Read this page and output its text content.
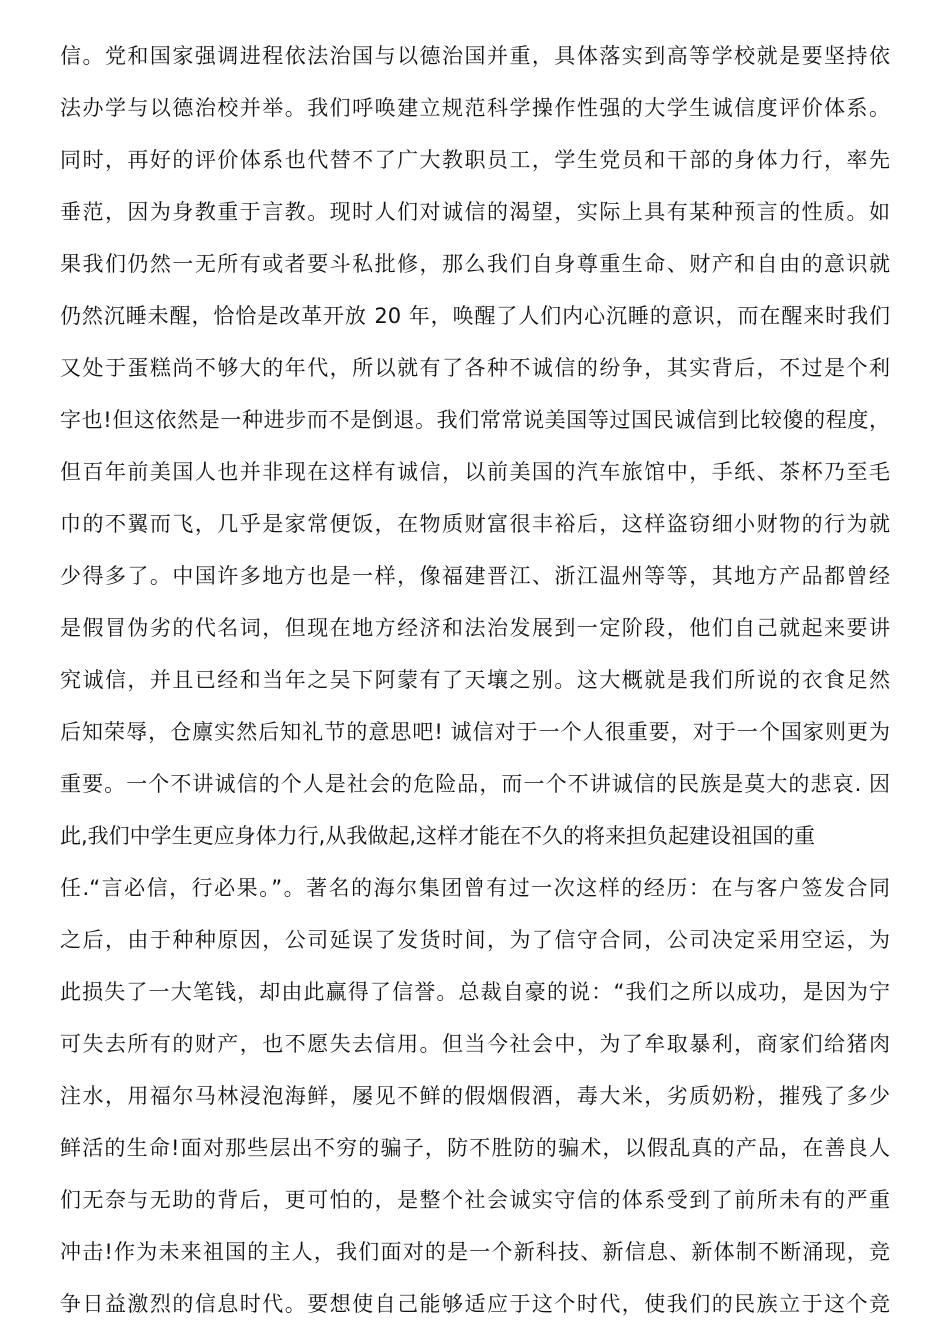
信。党和国家强调进程依法治国与以德治国并重，具体落实到高等学校就是要坚持依
法办学与以德治校并举。我们呼唤建立规范科学操作性强的大学生诚信度评价体系。
同时，再好的评价体系也代替不了广大教职员工，学生党员和干部的身体力行，率先
垂范，因为身教重于言教。现时人们对诚信的渴望，实际上具有某种预言的性质。如
果我们仍然一无所有或者要斗私批修，那么我们自身尊重生命、财产和自由的意识就
仍然沉睡未醒，恰恰是改革开放 20 年，唤醒了人们内心沉睡的意识，而在醒来时我们
又处于蛋糕尚不够大的年代，所以就有了各种不诚信的纷争，其实背后，不过是个利
字也!但这依然是一种进步而不是倒退。我们常常说美国等过国民诚信到比较傻的程度，
但百年前美国人也并非现在这样有诚信，以前美国的汽车旅馆中，手纸、茶杯乃至毛
巾的不翼而飞，几乎是家常便饭，在物质财富很丰裕后，这样盗窃细小财物的行为就
少得多了。中国许多地方也是一样，像福建晋江、浙江温州等等，其地方产品都曾经
是假冒伪劣的代名词，但现在地方经济和法治发展到一定阶段，他们自己就起来要讲
究诚信，并且已经和当年之吴下阿蒙有了天壤之别。这大概就是我们所说的衣食足然
后知荣辱，仓廪实然后知礼节的意思吧! 诚信对于一个人很重要，对于一个国家则更为
重要。一个不讲诚信的个人是社会的危险品，而一个不讲诚信的民族是莫大的悲哀. 因
此,我们中学生更应身体力行,从我做起,这样才能在不久的将来担负起建设祖国的重
任.“言必信，行必果。”。著名的海尔集团曾有过一次这样的经历：在与客户签发合同
之后，由于种种原因，公司延误了发货时间，为了信守合同，公司决定采用空运，为
此损失了一大笔钱，却由此赢得了信誉。总裁自豪的说：“我们之所以成功，是因为宁
可失去所有的财产，也不愿失去信用。但当今社会中，为了牟取暴利，商家们给猪肉
注水，用福尔马林浸泡海鲜，屡见不鲜的假烟假酒，毒大米，劣质奶粉，摧残了多少
鲜活的生命!面对那些层出不穷的骗子，防不胜防的骗术，以假乱真的产品，在善良人
们无奈与无助的背后，更可怕的，是整个社会诚实守信的体系受到了前所未有的严重
冲击!作为未来祖国的主人，我们面对的是一个新科技、新信息、新体制不断涌现，竞
争日益激烈的信息时代。要想使自己能够适应于这个时代，使我们的民族立于这个竞
